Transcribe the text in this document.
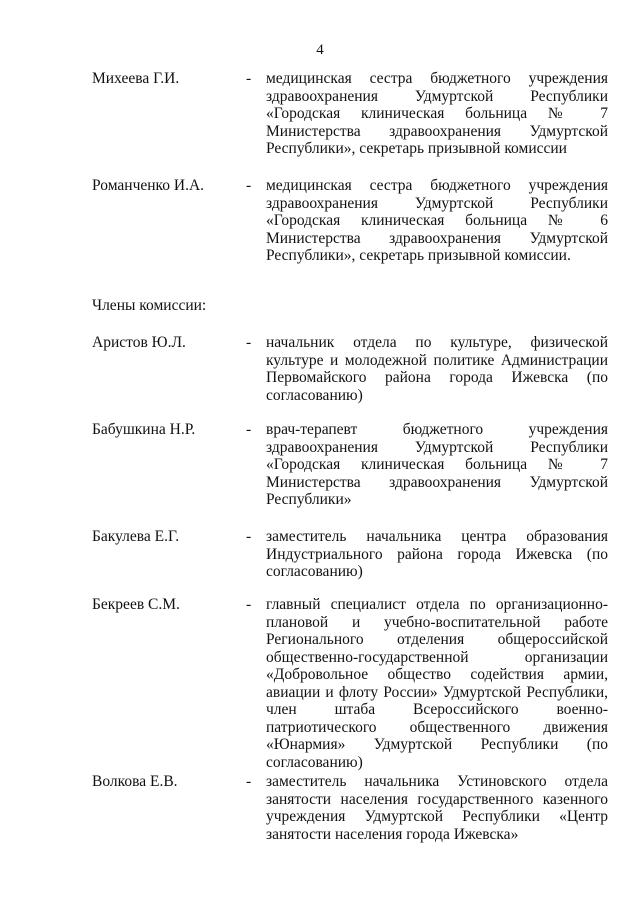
4
Михеева Г.И.	- медицинская сестра бюджетного учреждения здравоохранения Удмуртской Республики «Городская клиническая больница № 7 Министерства здравоохранения Удмуртской Республики», секретарь призывной комиссии
Романченко И.А.	- медицинская сестра бюджетного учреждения здравоохранения Удмуртской Республики «Городская клиническая больница № 6 Министерства здравоохранения Удмуртской Республики», секретарь призывной комиссии.
Члены комиссии:
Аристов Ю.Л.	- начальник отдела по культуре, физической культуре и молодежной политике Администрации Первомайского района города Ижевска (по согласованию)
Бабушкина Н.Р.	- врач-терапевт бюджетного учреждения здравоохранения Удмуртской Республики «Городская клиническая больница № 7 Министерства здравоохранения Удмуртской Республики»
Бакулева Е.Г.	- заместитель начальника центра образования Индустриального района города Ижевска (по согласованию)
Бекреев С.М.	- главный специалист отдела по организационно-плановой и учебно-воспитательной работе Регионального отделения общероссийской общественно-государственной организации «Добровольное общество содействия армии, авиации и флоту России» Удмуртской Республики, член штаба Всероссийского военно-патриотического общественного движения «Юнармия» Удмуртской Республики (по согласованию)
Волкова Е.В.	- заместитель начальника Устиновского отдела занятости населения государственного казенного учреждения Удмуртской Республики «Центр занятости населения города Ижевска»
